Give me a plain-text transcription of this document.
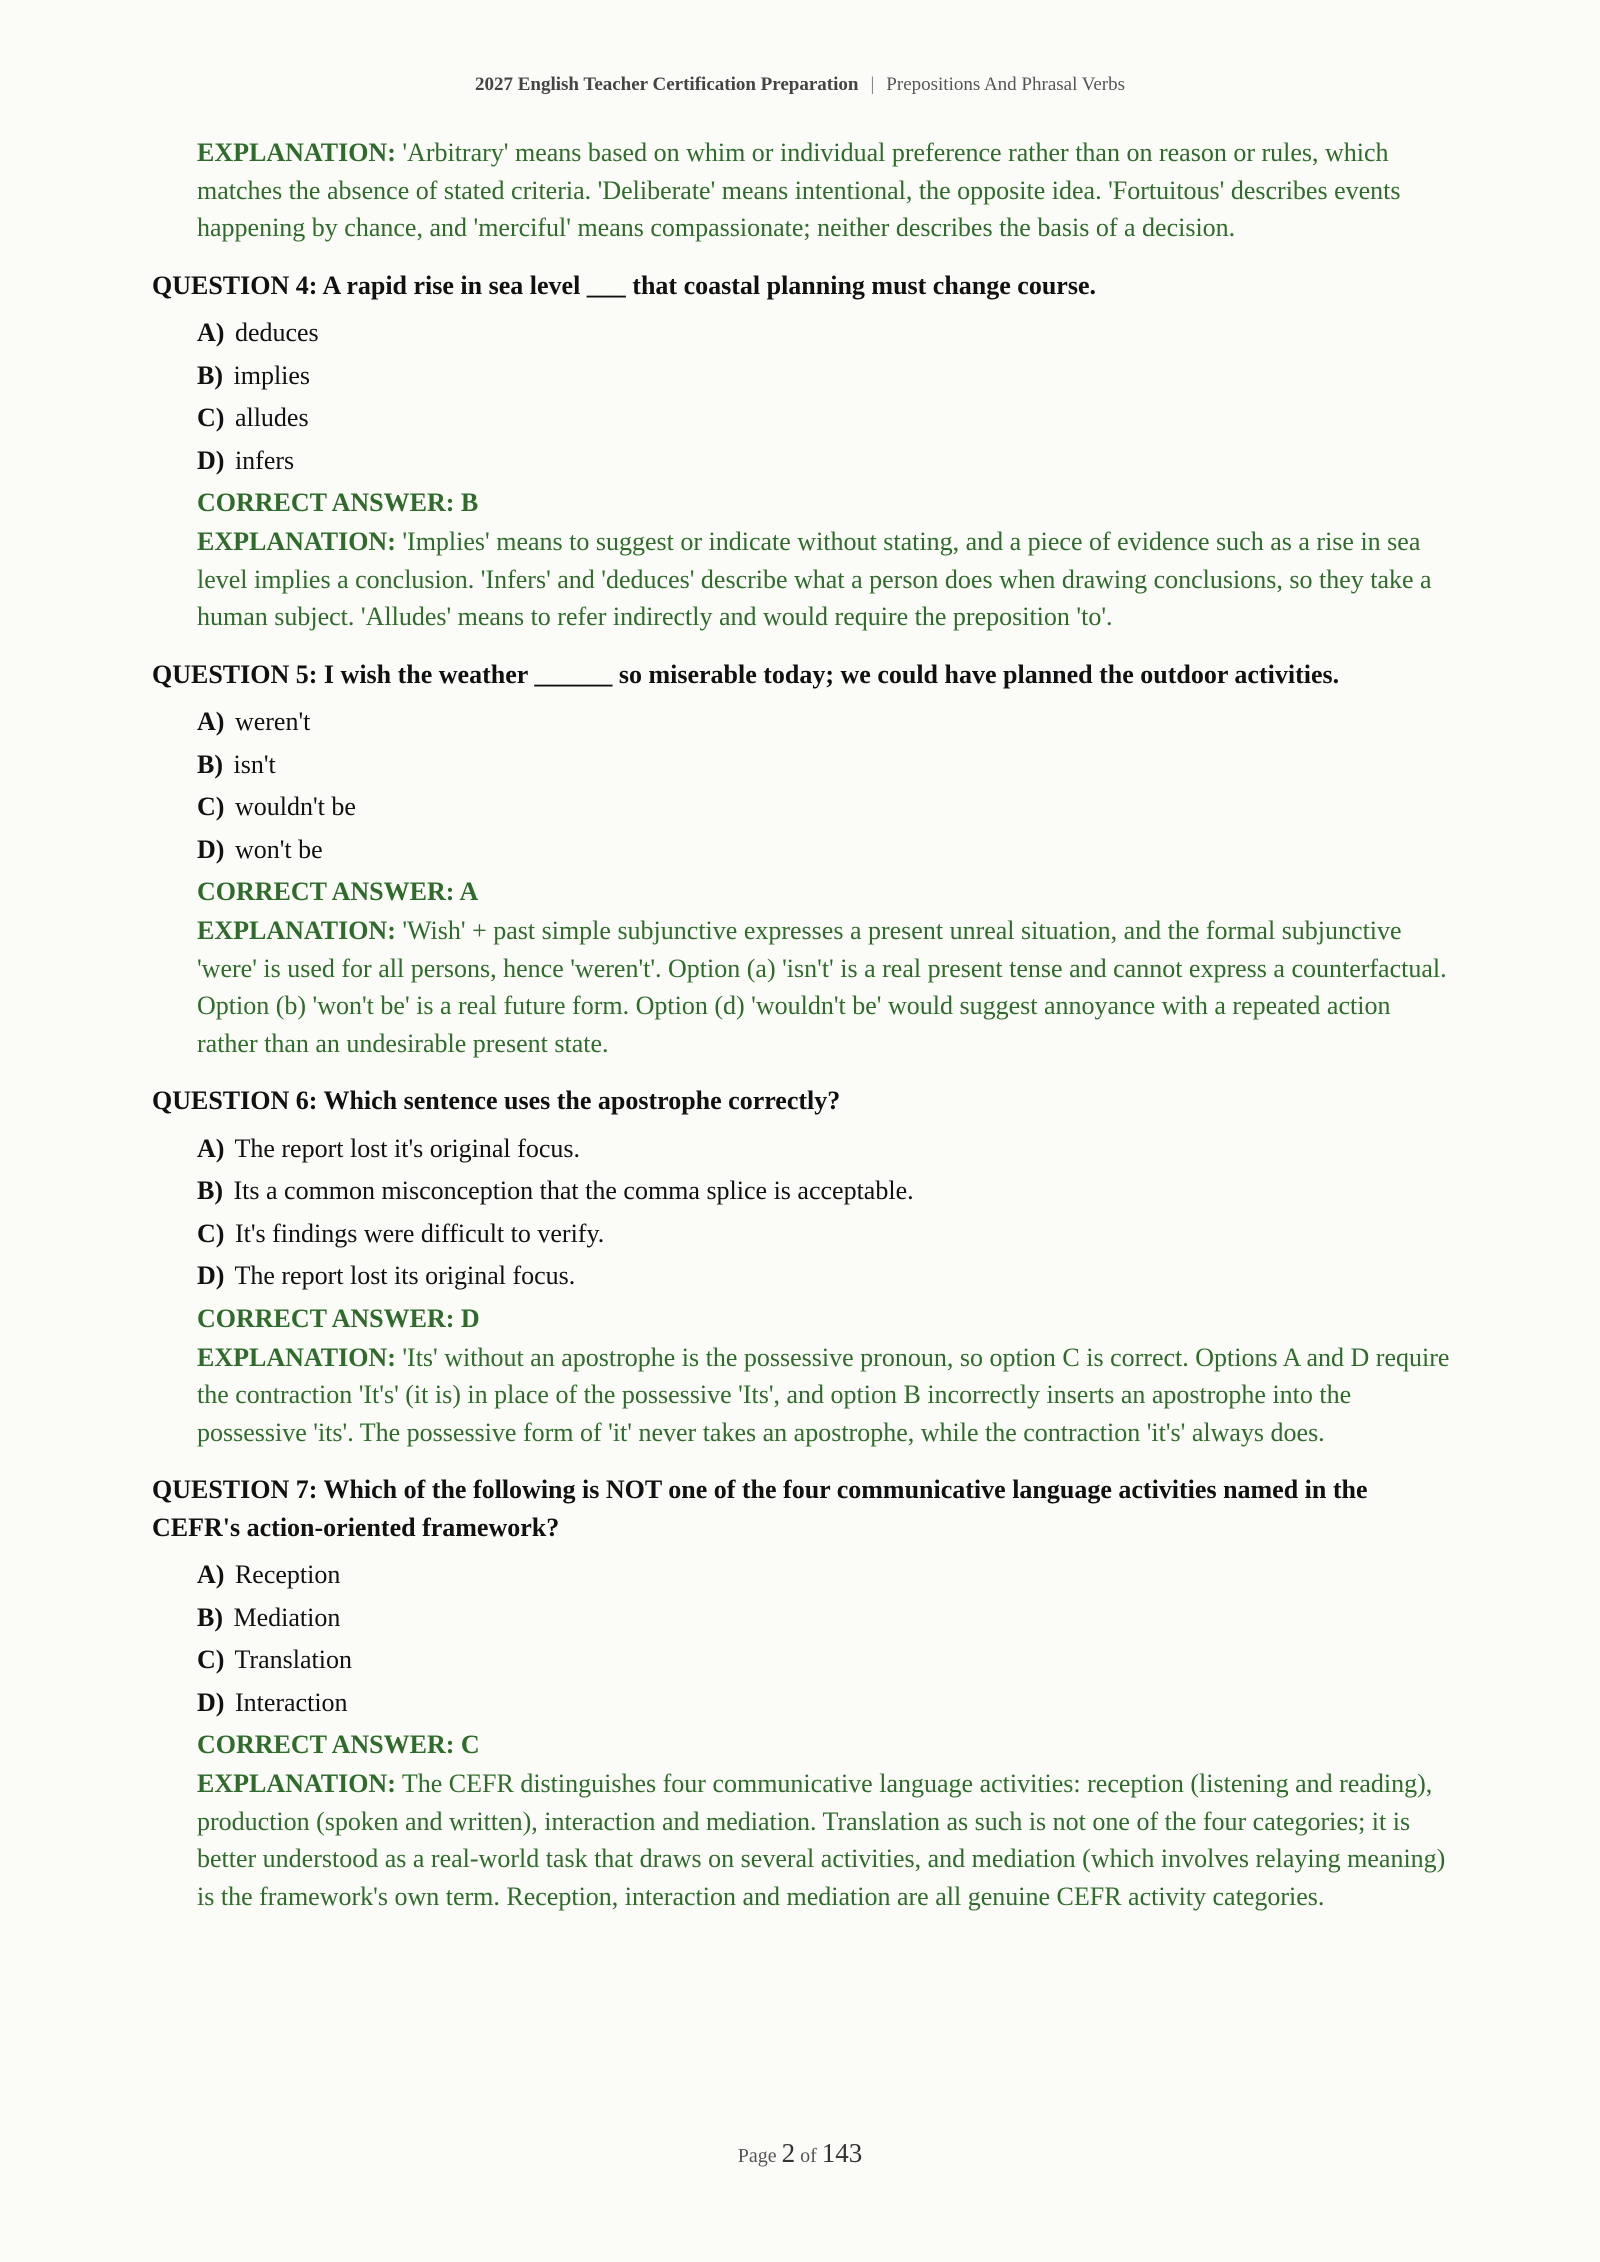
2027 English Teacher Certification Preparation | Prepositions And Phrasal Verbs
EXPLANATION: 'Arbitrary' means based on whim or individual preference rather than on reason or rules, which matches the absence of stated criteria. 'Deliberate' means intentional, the opposite idea. 'Fortuitous' describes events happening by chance, and 'merciful' means compassionate; neither describes the basis of a decision.
QUESTION 4: A rapid rise in sea level ___ that coastal planning must change course.
A) deduces
B) implies
C) alludes
D) infers
CORRECT ANSWER: B
EXPLANATION: 'Implies' means to suggest or indicate without stating, and a piece of evidence such as a rise in sea level implies a conclusion. 'Infers' and 'deduces' describe what a person does when drawing conclusions, so they take a human subject. 'Alludes' means to refer indirectly and would require the preposition 'to'.
QUESTION 5: I wish the weather ______ so miserable today; we could have planned the outdoor activities.
A) weren't
B) isn't
C) wouldn't be
D) won't be
CORRECT ANSWER: A
EXPLANATION: 'Wish' + past simple subjunctive expresses a present unreal situation, and the formal subjunctive 'were' is used for all persons, hence 'weren't'. Option (a) 'isn't' is a real present tense and cannot express a counterfactual. Option (b) 'won't be' is a real future form. Option (d) 'wouldn't be' would suggest annoyance with a repeated action rather than an undesirable present state.
QUESTION 6: Which sentence uses the apostrophe correctly?
A) The report lost it's original focus.
B) Its a common misconception that the comma splice is acceptable.
C) It's findings were difficult to verify.
D) The report lost its original focus.
CORRECT ANSWER: D
EXPLANATION: 'Its' without an apostrophe is the possessive pronoun, so option C is correct. Options A and D require the contraction 'It's' (it is) in place of the possessive 'Its', and option B incorrectly inserts an apostrophe into the possessive 'its'. The possessive form of 'it' never takes an apostrophe, while the contraction 'it's' always does.
QUESTION 7: Which of the following is NOT one of the four communicative language activities named in the CEFR's action-oriented framework?
A) Reception
B) Mediation
C) Translation
D) Interaction
CORRECT ANSWER: C
EXPLANATION: The CEFR distinguishes four communicative language activities: reception (listening and reading), production (spoken and written), interaction and mediation. Translation as such is not one of the four categories; it is better understood as a real-world task that draws on several activities, and mediation (which involves relaying meaning) is the framework's own term. Reception, interaction and mediation are all genuine CEFR activity categories.
Page 2 of 143
